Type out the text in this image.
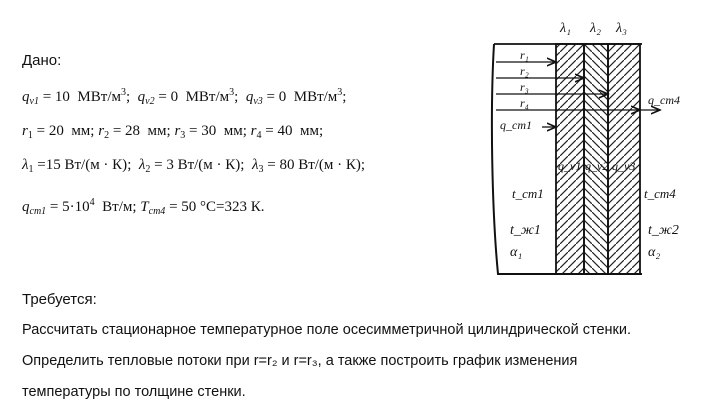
Дано:
$q_{v1} = 10$ МВт/$м^3$;  $q_{v2} = 0$ МВт/$м^3$;  $q_{v3} = 0$ МВт/$м^3$;
$r_1 = 20$ мм; $r_2 = 28$ мм; $r_3 = 30$ мм; $r_4 = 40$ мм;
$\lambda_1 =15$ Вт/(м · К);  $\lambda_2 = 3$ Вт/(м · К);  $\lambda_3 = 80$ Вт/(м · К);
$q_{ст1} = 5\cdot 10^4$ Вт/м; $T_{ст4} = 50$ °C=323 К.
Требуется:
Рассчитать стационарное температурное поле осесимметричной цилиндрической стенки.
Определить тепловые потоки при r=r₂ и r=r₃, а также построить график изменения
температуры по толщине стенки.
λ₁ λ₂ λ₃
r₁
r₂
r₃
r₄
q_ст1
q_ст4
q_v1 q_v2 q_v3
t_ст1	t_ст4
t_ж1	t_ж2
α₁	α₂
